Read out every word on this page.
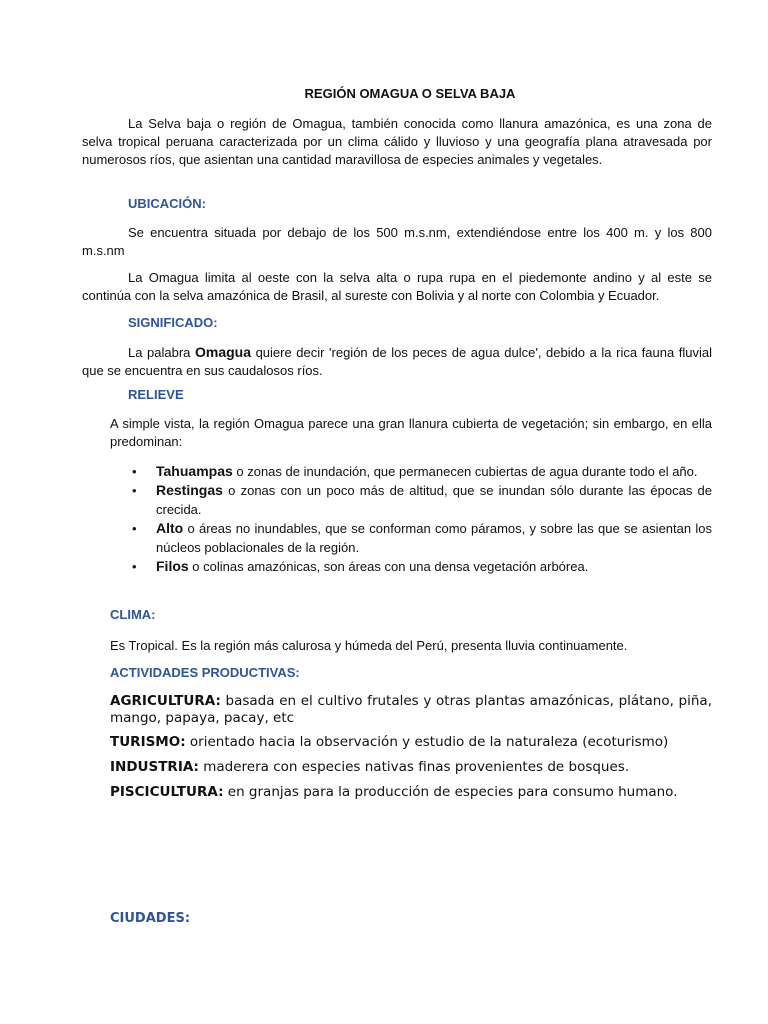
REGIÓN OMAGUA O SELVA BAJA

La Selva baja o región de Omagua, también conocida como llanura amazónica, es una zona de selva tropical peruana caracterizada por un clima cálido y lluvioso y una geografía plana atravesada por numerosos ríos, que asientan una cantidad maravillosa de especies animales y vegetales.

UBICACIÓN:

Se encuentra situada por debajo de los 500 m.s.nm, extendiéndose entre los 400 m. y los 800 m.s.nm

La Omagua limita al oeste con la selva alta o rupa rupa en el piedemonte andino y al este se continúa con la selva amazónica de Brasil, al sureste con Bolivia y al norte con Colombia y Ecuador.

SIGNIFICADO:

La palabra Omagua quiere decir 'región de los peces de agua dulce', debido a la rica fauna fluvial que se encuentra en sus caudalosos ríos.

RELIEVE

A simple vista, la región Omagua parece una gran llanura cubierta de vegetación; sin embargo, en ella predominan:

• Tahuampas o zonas de inundación, que permanecen cubiertas de agua durante todo el año.
• Restingas o zonas con un poco más de altitud, que se inundan sólo durante las épocas de crecida.
• Alto o áreas no inundables, que se conforman como páramos, y sobre las que se asientan los núcleos poblacionales de la región.
• Filos o colinas amazónicas, son áreas con una densa vegetación arbórea.
CLIMA:

Es Tropical. Es la región más calurosa y húmeda del Perú, presenta lluvia continuamente.

ACTIVIDADES PRODUCTIVAS:

AGRICULTURA: basada en el cultivo frutales y otras plantas amazónicas, plátano, piña, mango, papaya, pacay, etc

TURISMO: orientado hacia la observación y estudio de la naturaleza (ecoturismo)

INDUSTRIA: maderera con especies nativas finas provenientes de bosques.

PISCICULTURA: en granjas para la producción de especies para consumo humano.

CIUDADES:
